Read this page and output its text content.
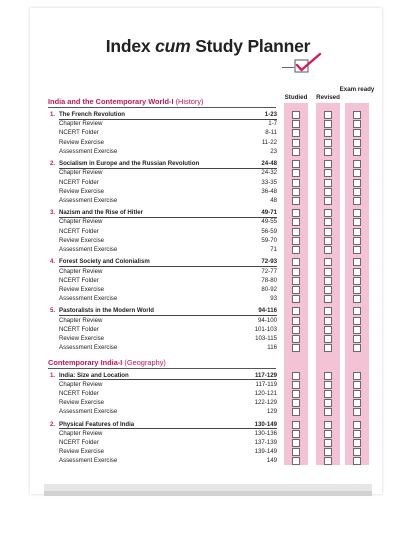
Index cum Study Planner
Studied	Revised
Exam ready
India and the Contemporary World-I (History)
1. The French Revolution	1-23
Chapter Review	1-7
NCERT Folder	8-11
Review Exercise	11-22
Assessment Exercise	23
2. Socialism in Europe and the Russian Revolution	24-48
Chapter Review	24-32
NCERT Folder	33-35
Review Exercise	36-48
Assessment Exercise	48
3. Nazism and the Rise of Hitler	49-71
Chapter Review	49-55
NCERT Folder	56-59
Review Exercise	59-70
Assessment Exercise	71
4. Forest Society and Colonialism	72-93
Chapter Review	72-77
NCERT Folder	78-80
Review Exercise	80-92
Assessment Exercise	93
5. Pastoralists in the Modern World	94-116
Chapter Review	94-100
NCERT Folder	101-103
Review Exercise	103-115
Assessment Exercise	116
Contemporary India-I (Geography)
1. India: Size and Location	117-129
Chapter Review	117-119
NCERT Folder	120-121
Review Exercise	122-129
Assessment Exercise	129
2. Physical Features of India	130-149
Chapter Review	130-136
NCERT Folder	137-139
Review Exercise	139-149
Assessment Exercise	149
